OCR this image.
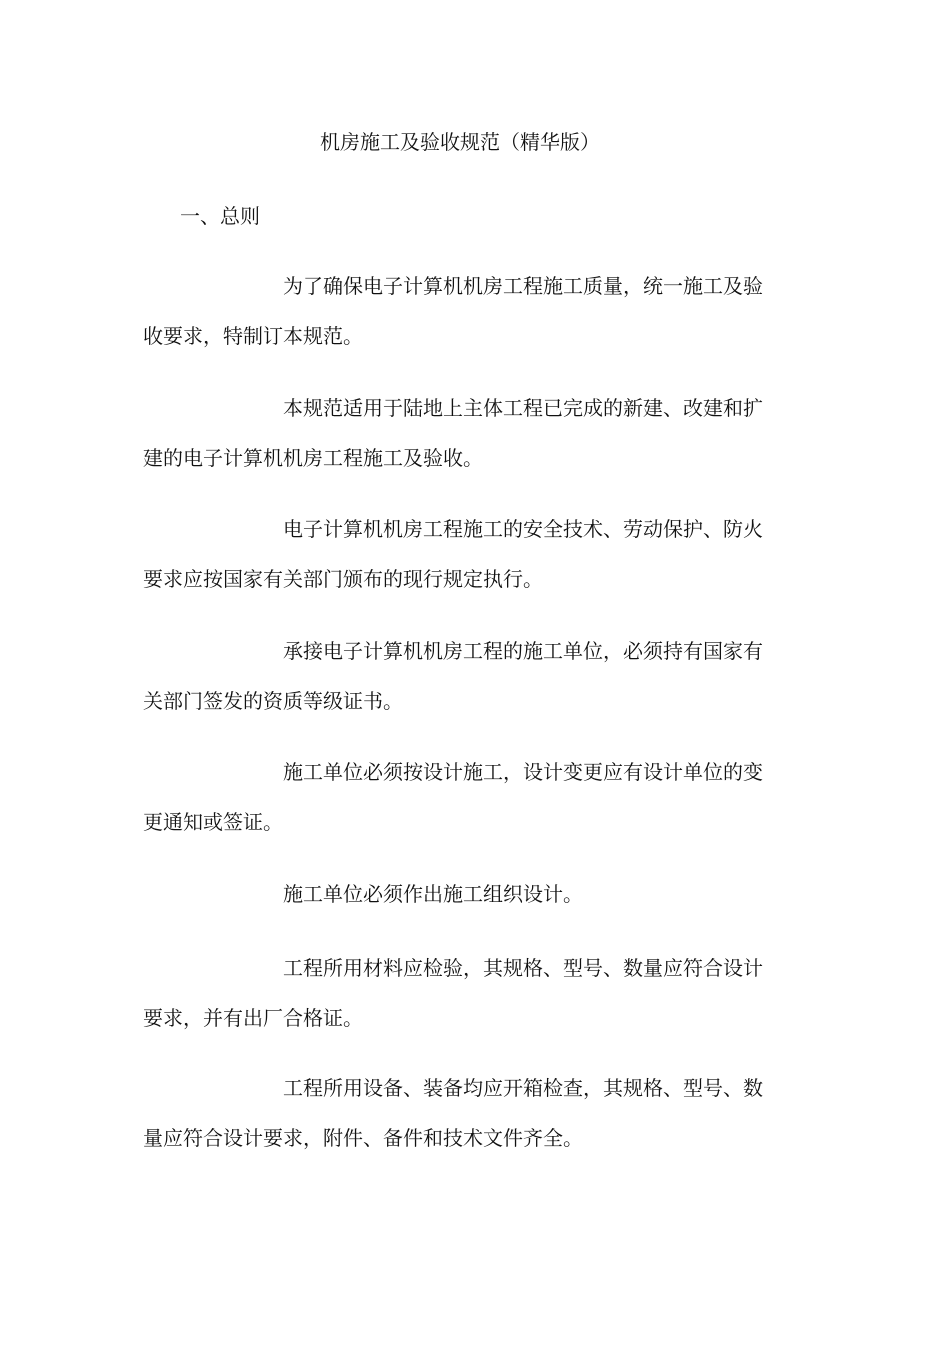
机房施工及验收规范（精华版）
一、总则

为了确保电子计算机机房工程施工质量，统一施工及验收要求，特制订本规范。

本规范适用于陆地上主体工程已完成的新建、改建和扩建的电子计算机机房工程施工及验收。

电子计算机机房工程施工的安全技术、劳动保护、防火要求应按国家有关部门颁布的现行规定执行。

承接电子计算机机房工程的施工单位，必须持有国家有关部门签发的资质等级证书。

施工单位必须按设计施工，设计变更应有设计单位的变更通知或签证。

施工单位必须作出施工组织设计。

工程所用材料应检验，其规格、型号、数量应符合设计要求，并有出厂合格证。

工程所用设备、装备均应开箱检查，其规格、型号、数量应符合设计要求，附件、备件和技术文件齐全。
